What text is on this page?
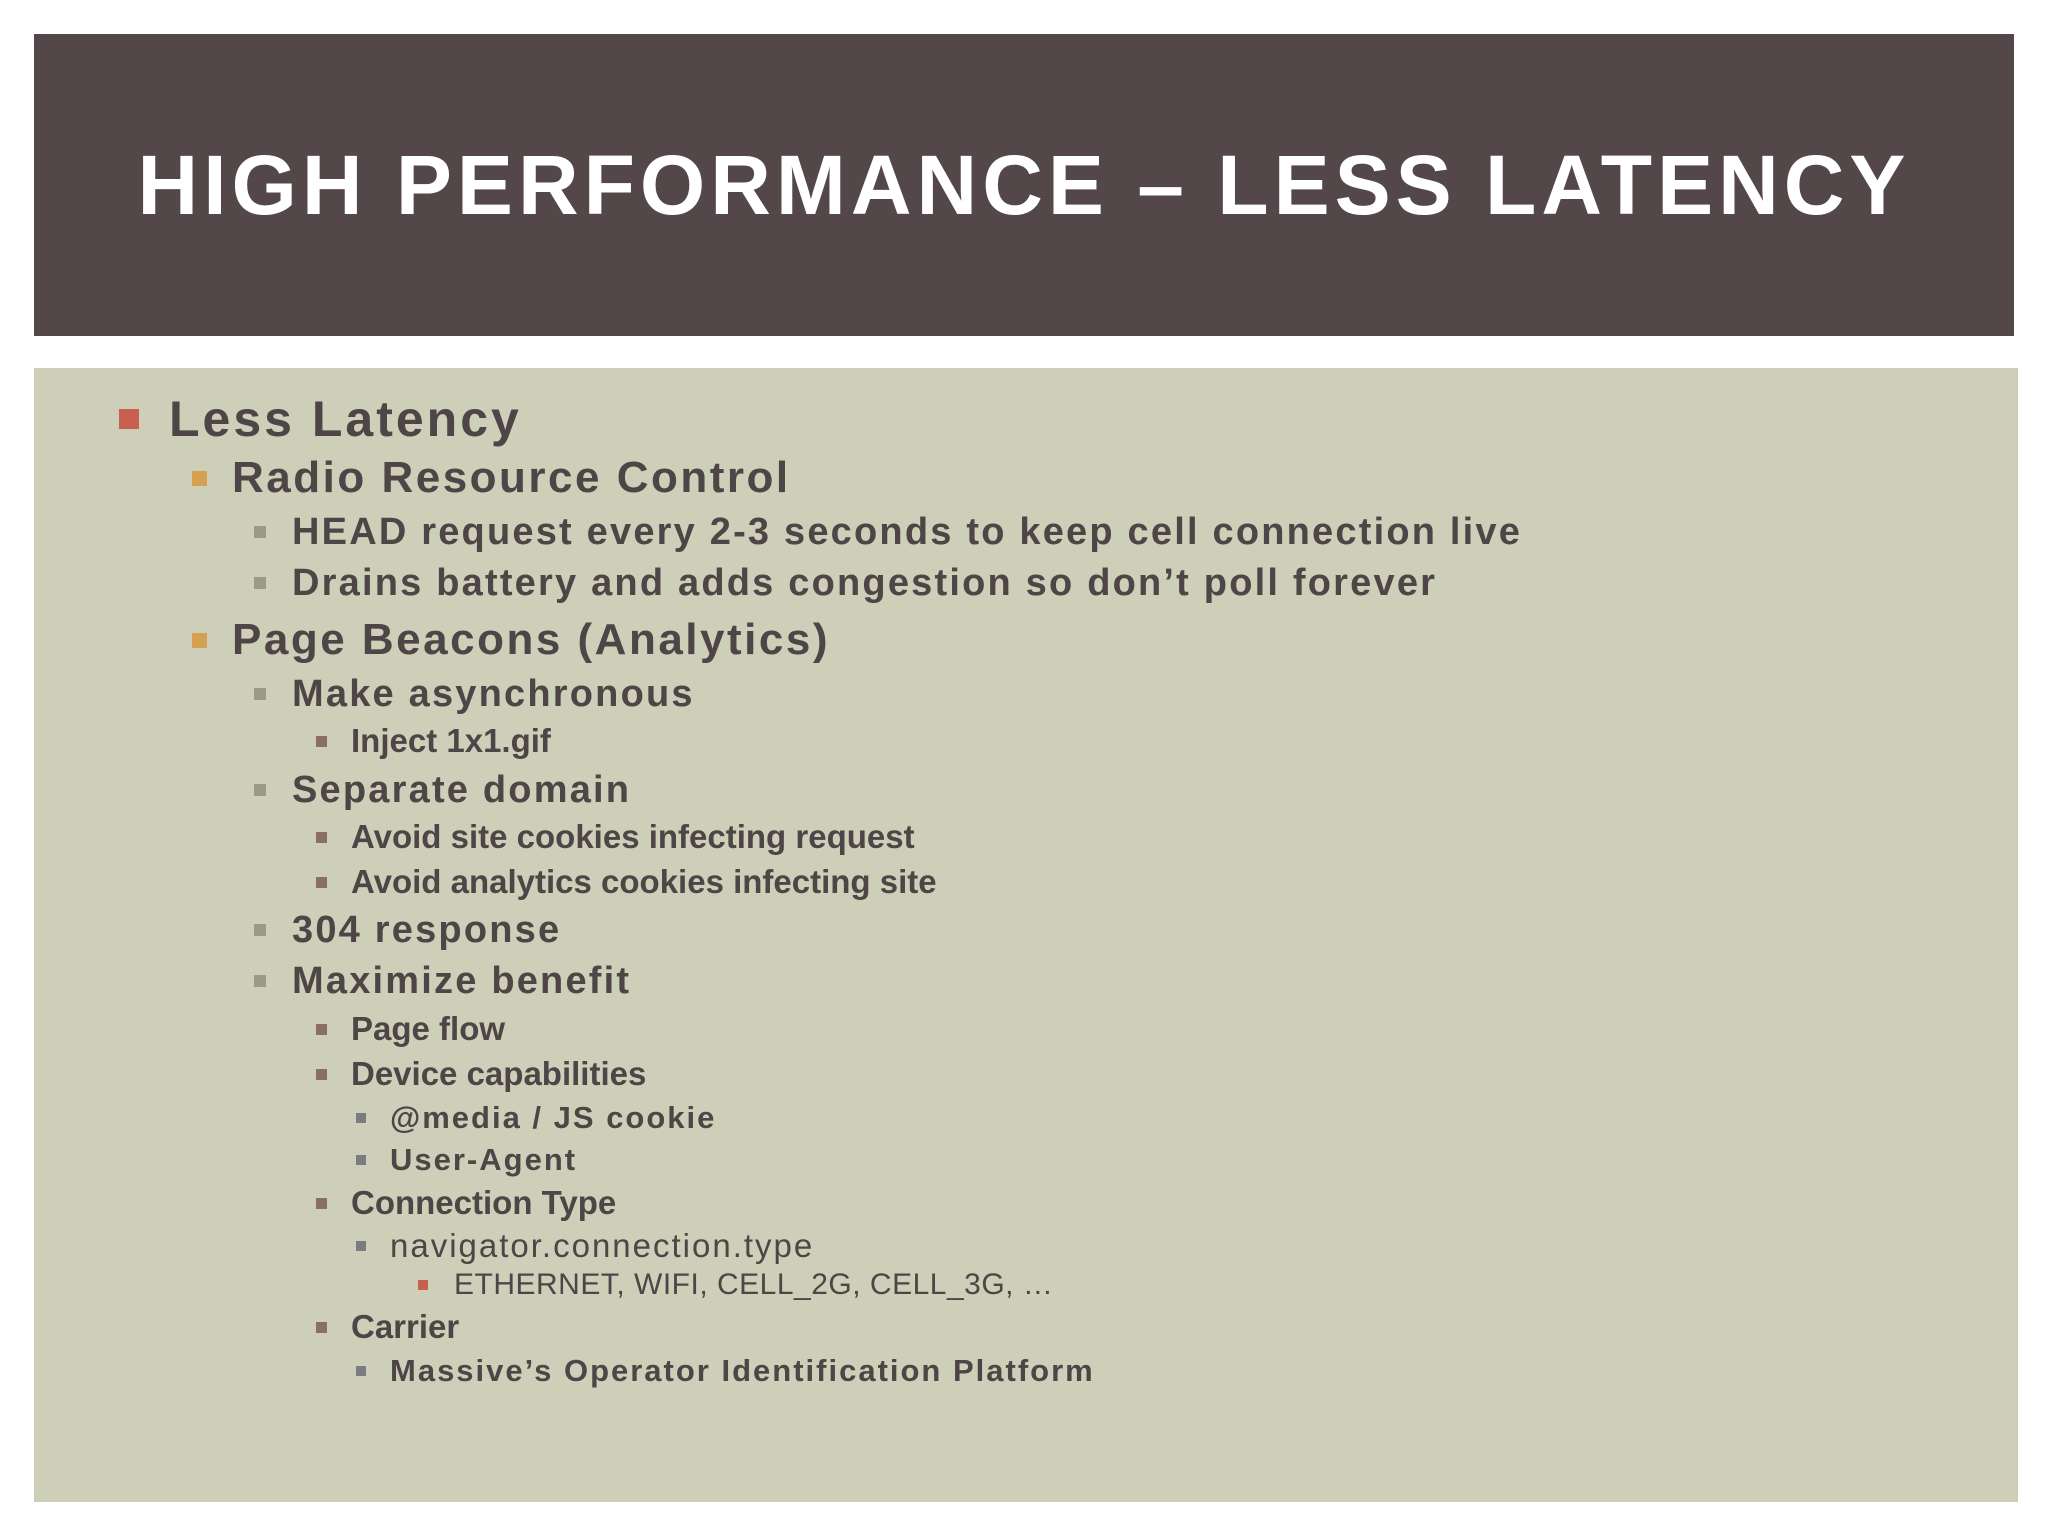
HIGH PERFORMANCE – LESS LATENCY
Less Latency
Radio Resource Control
HEAD request every 2-3 seconds to keep cell connection live
Drains battery and adds congestion so don’t poll forever
Page Beacons (Analytics)
Make asynchronous
Inject 1x1.gif
Separate domain
Avoid site cookies infecting request
Avoid analytics cookies infecting site
304 response
Maximize benefit
Page flow
Device capabilities
@media / JS cookie
User-Agent
Connection Type
navigator.connection.type
ETHERNET, WIFI, CELL_2G, CELL_3G, …
Carrier
Massive’s Operator Identification Platform
